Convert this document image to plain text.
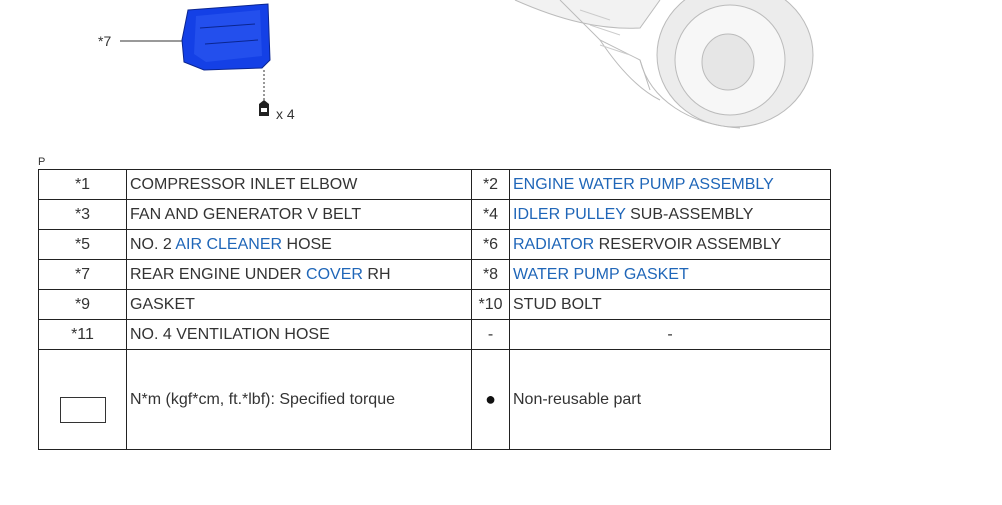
*7
x 4
P
*1	COMPRESSOR INLET ELBOW	*2	ENGINE WATER PUMP ASSEMBLY
*3	FAN AND GENERATOR V BELT	*4	IDLER PULLEY SUB-ASSEMBLY
*5	NO. 2 AIR CLEANER HOSE	*6	RADIATOR RESERVOIR ASSEMBLY
*7	REAR ENGINE UNDER COVER RH	*8	WATER PUMP GASKET
*9	GASKET	*10	STUD BOLT
*11	NO. 4 VENTILATION HOSE	-	-
	N*m (kgf*cm, ft.*lbf): Specified torque	●	Non-reusable part
